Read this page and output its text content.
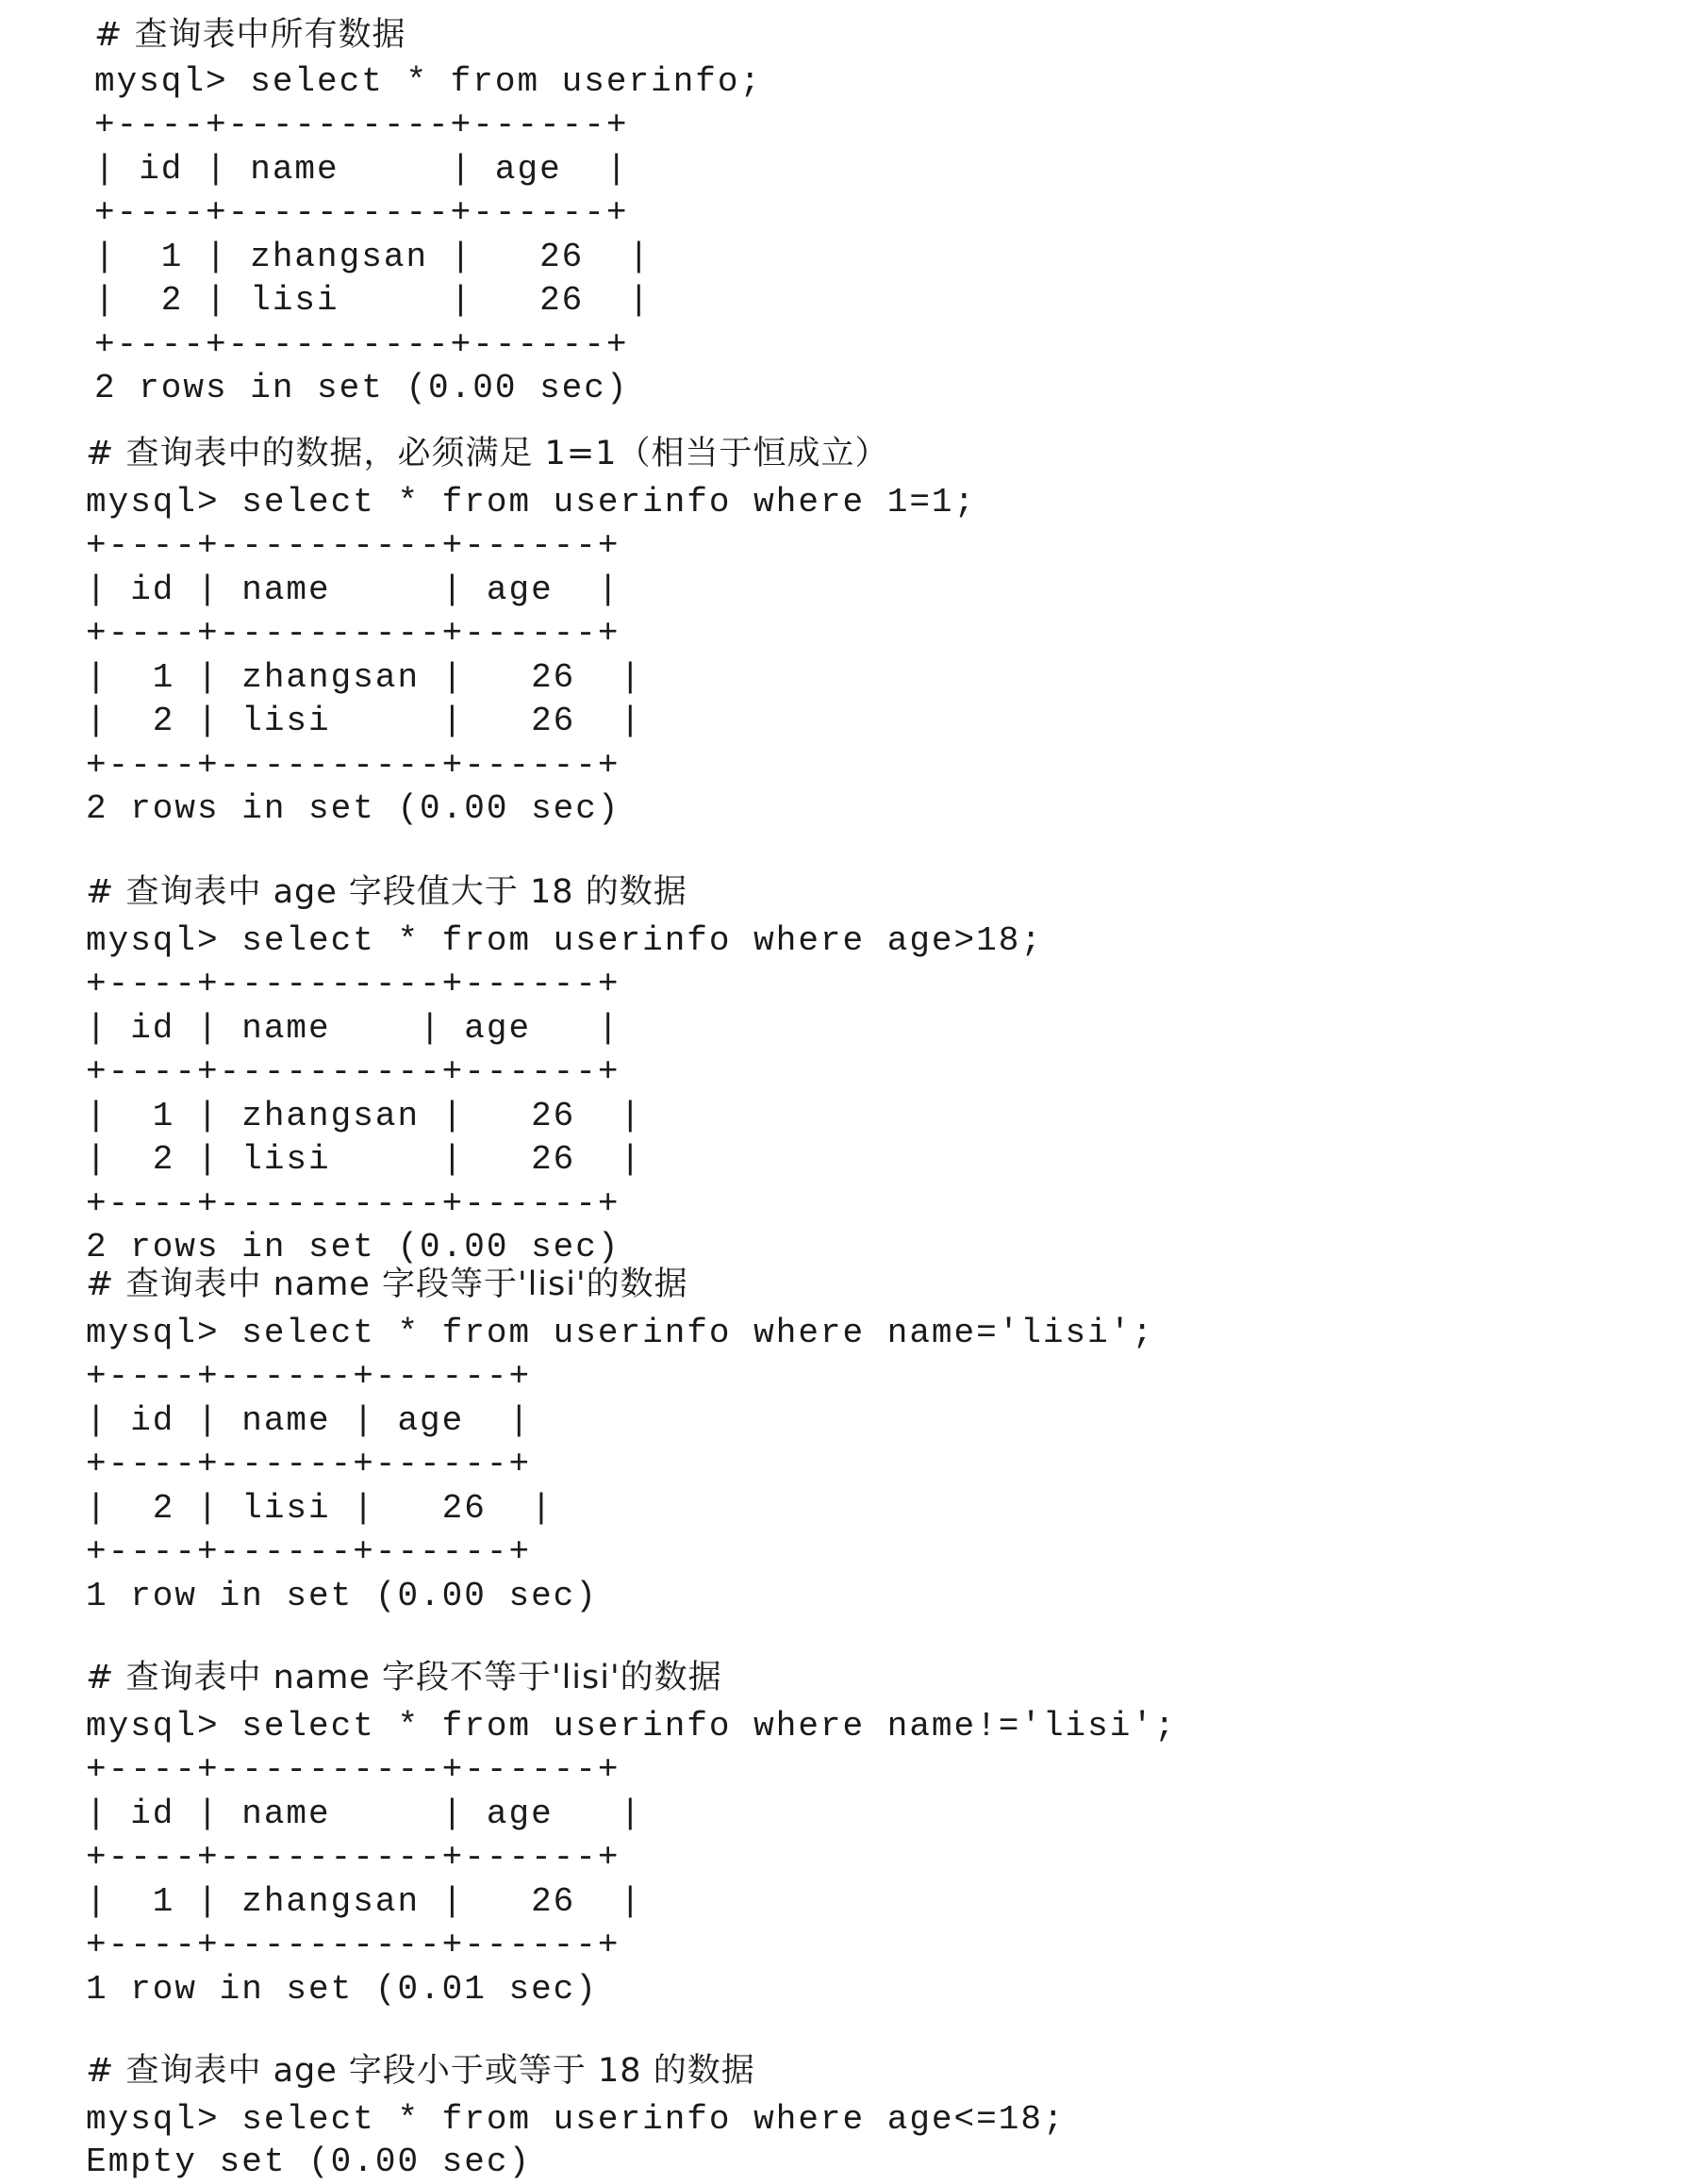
# 查询表中所有数据
mysql> select * from userinfo;
+----+----------+------+
| id | name     | age  |
+----+----------+------+
|  1 | zhangsan |   26  |
|  2 | lisi     |   26  |
+----+----------+------+
2 rows in set (0.00 sec)
# 查询表中的数据，必须满足 1=1（相当于恒成立）
mysql> select * from userinfo where 1=1;
+----+----------+------+
| id | name     | age  |
+----+----------+------+
|  1 | zhangsan |   26  |
|  2 | lisi     |   26  |
+----+----------+------+
2 rows in set (0.00 sec)
# 查询表中 age 字段值大于 18 的数据
mysql> select * from userinfo where age>18;
+----+----------+------+
| id | name    | age   |
+----+----------+------+
|  1 | zhangsan |   26  |
|  2 | lisi     |   26  |
+----+----------+------+
2 rows in set (0.00 sec)
# 查询表中 name 字段等于'lisi'的数据
mysql> select * from userinfo where name='lisi';
+----+------+------+
| id | name | age  |
+----+------+------+
|  2 | lisi |   26  |
+----+------+------+
1 row in set (0.00 sec)
# 查询表中 name 字段不等于'lisi'的数据
mysql> select * from userinfo where name!='lisi';
+----+----------+------+
| id | name     | age   |
+----+----------+------+
|  1 | zhangsan |   26  |
+----+----------+------+
1 row in set (0.01 sec)
# 查询表中 age 字段小于或等于 18 的数据
mysql> select * from userinfo where age<=18;
Empty set (0.00 sec)
